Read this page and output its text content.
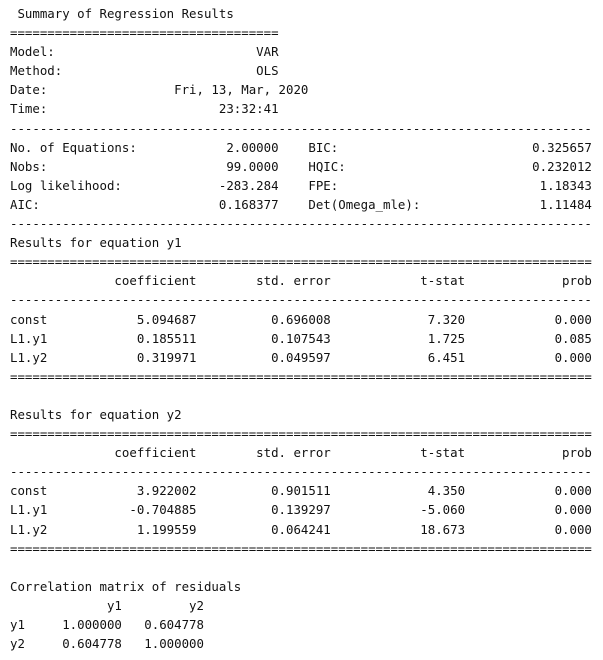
Summary of Regression Results
====================================
Model:                           VAR
Method:                          OLS
Date:                 Fri, 13, Mar, 2020
Time:                       23:32:41
------------------------------------------------------------------------------
No. of Equations:            2.00000    BIC:                          0.325657
Nobs:                        99.0000    HQIC:                         0.232012
Log likelihood:             -283.284    FPE:                           1.18343
AIC:                        0.168377    Det(Omega_mle):                1.11484
------------------------------------------------------------------------------
Results for equation y1
==============================================================================
coefficient        std. error            t-stat             prob
------------------------------------------------------------------------------
const            5.094687          0.696008             7.320            0.000
L1.y1            0.185511          0.107543             1.725            0.085
L1.y2            0.319971          0.049597             6.451            0.000
==============================================================================

Results for equation y2
==============================================================================
coefficient        std. error            t-stat             prob
------------------------------------------------------------------------------
const            3.922002          0.901511             4.350            0.000
L1.y1           -0.704885          0.139297            -5.060            0.000
L1.y2            1.199559          0.064241            18.673            0.000
==============================================================================

Correlation matrix of residuals
y1         y2
y1     1.000000   0.604778
y2     0.604778   1.000000
